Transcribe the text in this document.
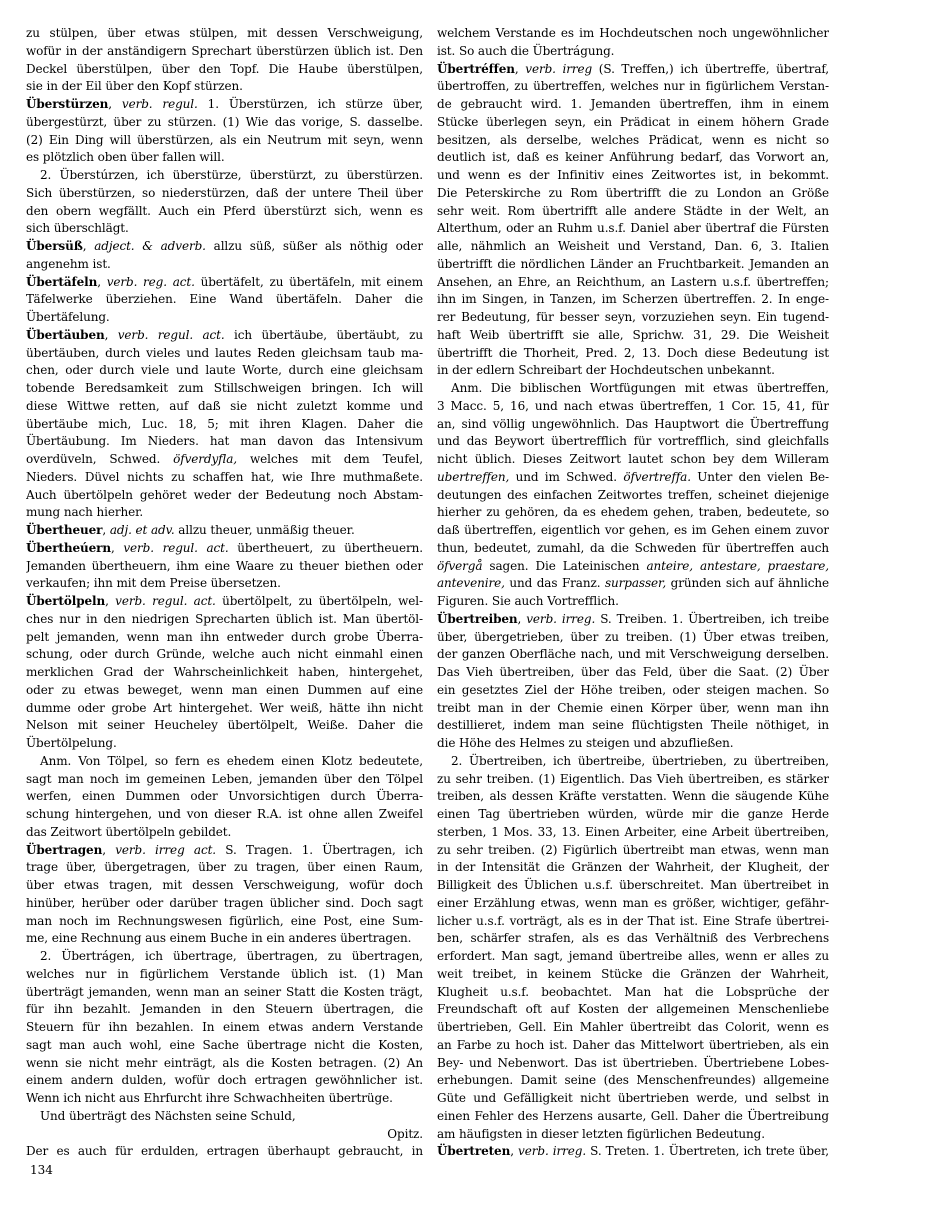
zu stülpen, über etwas stülpen, mit dessen Verschweigung,
wofür in der anständigern Sprechart überstürzen üblich ist. Den
Deckel überstülpen, über den Topf. Die Haube überstülpen,
sie in der Eil über den Kopf stürzen.
Überstürzen, verb. regul. 1. Überstürzen, ich stürze über,
übergestürzt, über zu stürzen. (1) Wie das vorige, S. dasselbe.
(2) Ein Ding will überstürzen, als ein Neutrum mit seyn, wenn
es plötzlich oben über fallen will.
2. Überstúrzen, ich überstürze, überstürzt, zu überstürzen.
Sich überstürzen, so niederstürzen, daß der untere Theil über
den obern wegfällt. Auch ein Pferd überstürzt sich, wenn es
sich überschlägt.
Übersüß, adject. & adverb. allzu süß, süßer als nöthig oder
angenehm ist.
Übertäfeln, verb. reg. act. übertäfelt, zu übertäfeln, mit einem
Täfelwerke überziehen. Eine Wand übertäfeln. Daher die
Übertäfelung.
Übertäuben, verb. regul. act. ich übertäube, übertäubt, zu
übertäuben, durch vieles und lautes Reden gleichsam taub ma-
chen, oder durch viele und laute Worte, durch eine gleichsam
tobende Beredsamkeit zum Stillschweigen bringen. Ich will
diese Wittwe retten, auf daß sie nicht zuletzt komme und
übertäube mich, Luc. 18, 5; mit ihren Klagen. Daher die
Übertäubung. Im Nieders. hat man davon das Intensivum
overdüveln, Schwed. öfverdyfla, welches mit dem Teufel,
Nieders. Düvel nichts zu schaffen hat, wie Ihre muthmaßete.
Auch übertölpeln gehöret weder der Bedeutung noch Abstam-
mung nach hierher.
Übertheuer, adj. et adv. allzu theuer, unmäßig theuer.
Übertheúern, verb. regul. act. übertheuert, zu übertheuern.
Jemanden übertheuern, ihm eine Waare zu theuer biethen oder
verkaufen; ihn mit dem Preise übersetzen.
Übertölpeln, verb. regul. act. übertölpelt, zu übertölpeln, wel-
ches nur in den niedrigen Sprecharten üblich ist. Man übertöl-
pelt jemanden, wenn man ihn entweder durch grobe Überra-
schung, oder durch Gründe, welche auch nicht einmahl einen
merklichen Grad der Wahrscheinlichkeit haben, hintergehet,
oder zu etwas beweget, wenn man einen Dummen auf eine
dumme oder grobe Art hintergehet. Wer weiß, hätte ihn nicht
Nelson mit seiner Heucheley übertölpelt, Weiße. Daher die
Übertölpelung.
Anm. Von Tölpel, so fern es ehedem einen Klotz bedeutete,
sagt man noch im gemeinen Leben, jemanden über den Tölpel
werfen, einen Dummen oder Unvorsichtigen durch Überra-
schung hintergehen, und von dieser R.A. ist ohne allen Zweifel
das Zeitwort übertölpeln gebildet.
Übertragen, verb. irreg act. S. Tragen. 1. Übertragen, ich
trage über, übergetragen, über zu tragen, über einen Raum,
über etwas tragen, mit dessen Verschweigung, wofür doch
hinüber, herüber oder darüber tragen üblicher sind. Doch sagt
man noch im Rechnungswesen figürlich, eine Post, eine Sum-
me, eine Rechnung aus einem Buche in ein anderes übertragen.
2. Übertrágen, ich übertrage, übertragen, zu übertragen,
welches nur in figürlichem Verstande üblich ist. (1) Man
überträgt jemanden, wenn man an seiner Statt die Kosten trägt,
für ihn bezahlt. Jemanden in den Steuern übertragen, die
Steuern für ihn bezahlen. In einem etwas andern Verstande
sagt man auch wohl, eine Sache übertrage nicht die Kosten,
wenn sie nicht mehr einträgt, als die Kosten betragen. (2) An
einem andern dulden, wofür doch ertragen gewöhnlicher ist.
Wenn ich nicht aus Ehrfurcht ihre Schwachheiten übertrüge.
Und überträgt des Nächsten seine Schuld,
Opitz.
Der es auch für erdulden, ertragen überhaupt gebraucht, in
welchem Verstande es im Hochdeutschen noch ungewöhnlicher
ist. So auch die Übertrágung.
Übertréffen, verb. irreg (S. Treffen,) ich übertreffe, übertraf,
übertroffen, zu übertreffen, welches nur in figürlichem Verstan-
de gebraucht wird. 1. Jemanden übertreffen, ihm in einem
Stücke überlegen seyn, ein Prädicat in einem höhern Grade
besitzen, als derselbe, welches Prädicat, wenn es nicht so
deutlich ist, daß es keiner Anführung bedarf, das Vorwort an,
und wenn es der Infinitiv eines Zeitwortes ist, in bekommt.
Die Peterskirche zu Rom übertrifft die zu London an Größe
sehr weit. Rom übertrifft alle andere Städte in der Welt, an
Alterthum, oder an Ruhm u.s.f. Daniel aber übertraf die Fürsten
alle, nähmlich an Weisheit und Verstand, Dan. 6, 3. Italien
übertrifft die nördlichen Länder an Fruchtbarkeit. Jemanden an
Ansehen, an Ehre, an Reichthum, an Lastern u.s.f. übertreffen;
ihn im Singen, in Tanzen, im Scherzen übertreffen. 2. In enge-
rer Bedeutung, für besser seyn, vorzuziehen seyn. Ein tugend-
haft Weib übertrifft sie alle, Sprichw. 31, 29. Die Weisheit
übertrifft die Thorheit, Pred. 2, 13. Doch diese Bedeutung ist
in der edlern Schreibart der Hochdeutschen unbekannt.
Anm. Die biblischen Wortfügungen mit etwas übertreffen,
3 Macc. 5, 16, und nach etwas übertreffen, 1 Cor. 15, 41, für
an, sind völlig ungewöhnlich. Das Hauptwort die Übertreffung
und das Beywort übertrefflich für vortrefflich, sind gleichfalls
nicht üblich. Dieses Zeitwort lautet schon bey dem Willeram
ubertreffen, und im Schwed. öfvertreffa. Unter den vielen Be-
deutungen des einfachen Zeitwortes treffen, scheinet diejenige
hierher zu gehören, da es ehedem gehen, traben, bedeutete, so
daß übertreffen, eigentlich vor gehen, es im Gehen einem zuvor
thun, bedeutet, zumahl, da die Schweden für übertreffen auch
öfvergå sagen. Die Lateinischen anteire, antestare, praestare,
antevenire, und das Franz. surpasser, gründen sich auf ähnliche
Figuren. Sie auch Vortrefflich.
Übertreiben, verb. irreg. S. Treiben. 1. Übertreiben, ich treibe
über, übergetrieben, über zu treiben. (1) Über etwas treiben,
der ganzen Oberfläche nach, und mit Verschweigung derselben.
Das Vieh übertreiben, über das Feld, über die Saat. (2) Über
ein gesetztes Ziel der Höhe treiben, oder steigen machen. So
treibt man in der Chemie einen Körper über, wenn man ihn
destillieret, indem man seine flüchtigsten Theile nöthiget, in
die Höhe des Helmes zu steigen und abzufließen.
2. Übertreiben, ich übertreibe, übertrieben, zu übertreiben,
zu sehr treiben. (1) Eigentlich. Das Vieh übertreiben, es stärker
treiben, als dessen Kräfte verstatten. Wenn die säugende Kühe
einen Tag übertrieben würden, würde mir die ganze Herde
sterben, 1 Mos. 33, 13. Einen Arbeiter, eine Arbeit übertreiben,
zu sehr treiben. (2) Figürlich übertreibt man etwas, wenn man
in der Intensität die Gränzen der Wahrheit, der Klugheit, der
Billigkeit des Üblichen u.s.f. überschreitet. Man übertreibet in
einer Erzählung etwas, wenn man es größer, wichtiger, gefähr-
licher u.s.f. vorträgt, als es in der That ist. Eine Strafe übertrei-
ben, schärfer strafen, als es das Verhältniß des Verbrechens
erfordert. Man sagt, jemand übertreibe alles, wenn er alles zu
weit treibet, in keinem Stücke die Gränzen der Wahrheit,
Klugheit u.s.f. beobachtet. Man hat die Lobsprüche der
Freundschaft oft auf Kosten der allgemeinen Menschenliebe
übertrieben, Gell. Ein Mahler übertreibt das Colorit, wenn es
an Farbe zu hoch ist. Daher das Mittelwort übertrieben, als ein
Bey- und Nebenwort. Das ist übertrieben. Übertriebene Lobes-
erhebungen. Damit seine (des Menschenfreundes) allgemeine
Güte und Gefälligkeit nicht übertrieben werde, und selbst in
einen Fehler des Herzens ausarte, Gell. Daher die Übertreibung
am häufigsten in dieser letzten figürlichen Bedeutung.
Übertreten, verb. irreg. S. Treten. 1. Übertreten, ich trete über,
134
